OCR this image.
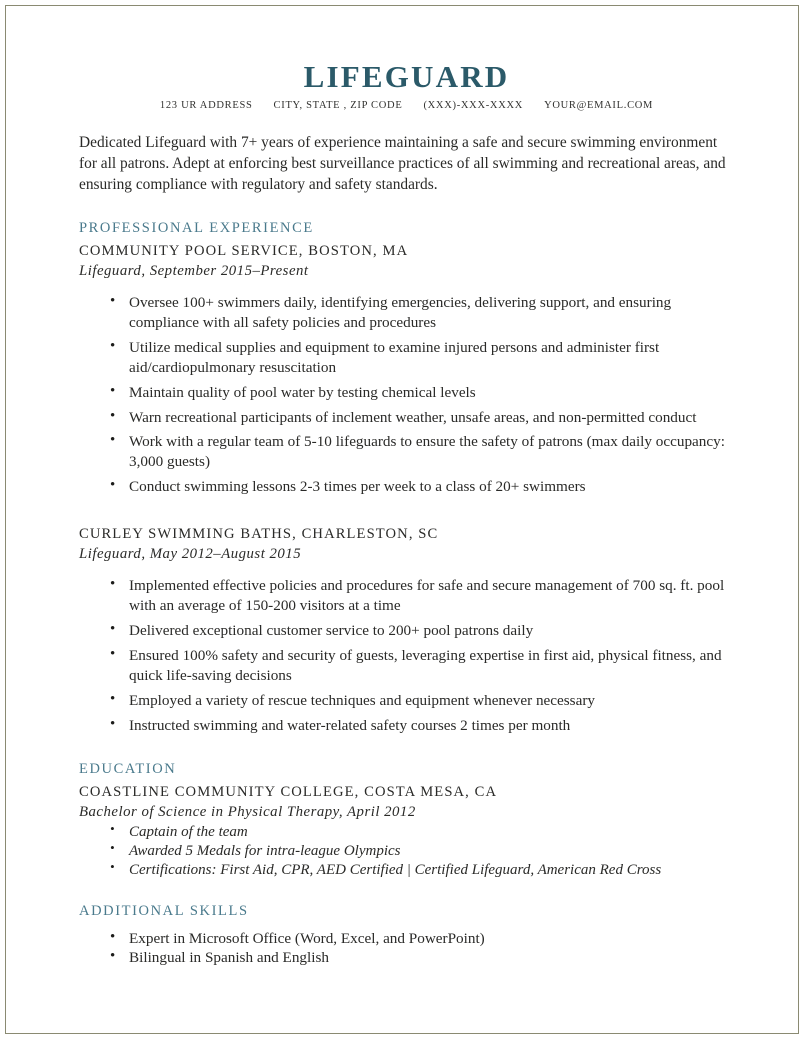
LIFEGUARD
123 UR ADDRESS CITY, STATE , ZIP CODE (XXX)-XXX-XXXX YOUR@EMAIL.COM

Dedicated Lifeguard with 7+ years of experience maintaining a safe and secure swimming environment for all patrons. Adept at enforcing best surveillance practices of all swimming and recreational areas, and ensuring compliance with regulatory and safety standards.

PROFESSIONAL EXPERIENCE
COMMUNITY POOL SERVICE, BOSTON, MA
Lifeguard, September 2015–Present
• Oversee 100+ swimmers daily, identifying emergencies, delivering support, and ensuring compliance with all safety policies and procedures
• Utilize medical supplies and equipment to examine injured persons and administer first aid/cardiopulmonary resuscitation
• Maintain quality of pool water by testing chemical levels
• Warn recreational participants of inclement weather, unsafe areas, and non-permitted conduct
• Work with a regular team of 5-10 lifeguards to ensure the safety of patrons (max daily occupancy: 3,000 guests)
• Conduct swimming lessons 2-3 times per week to a class of 20+ swimmers
CURLEY SWIMMING BATHS, CHARLESTON, SC
Lifeguard, May 2012–August 2015
• Implemented effective policies and procedures for safe and secure management of 700 sq. ft. pool with an average of 150-200 visitors at a time
• Delivered exceptional customer service to 200+ pool patrons daily
• Ensured 100% safety and security of guests, leveraging expertise in first aid, physical fitness, and quick life-saving decisions
• Employed a variety of rescue techniques and equipment whenever necessary
• Instructed swimming and water-related safety courses 2 times per month
EDUCATION
COASTLINE COMMUNITY COLLEGE, COSTA MESA, CA
Bachelor of Science in Physical Therapy, April 2012
• Captain of the team
• Awarded 5 Medals for intra-league Olympics
• Certifications: First Aid, CPR, AED Certified | Certified Lifeguard, American Red Cross
ADDITIONAL SKILLS
• Expert in Microsoft Office (Word, Excel, and PowerPoint)
• Bilingual in Spanish and English
